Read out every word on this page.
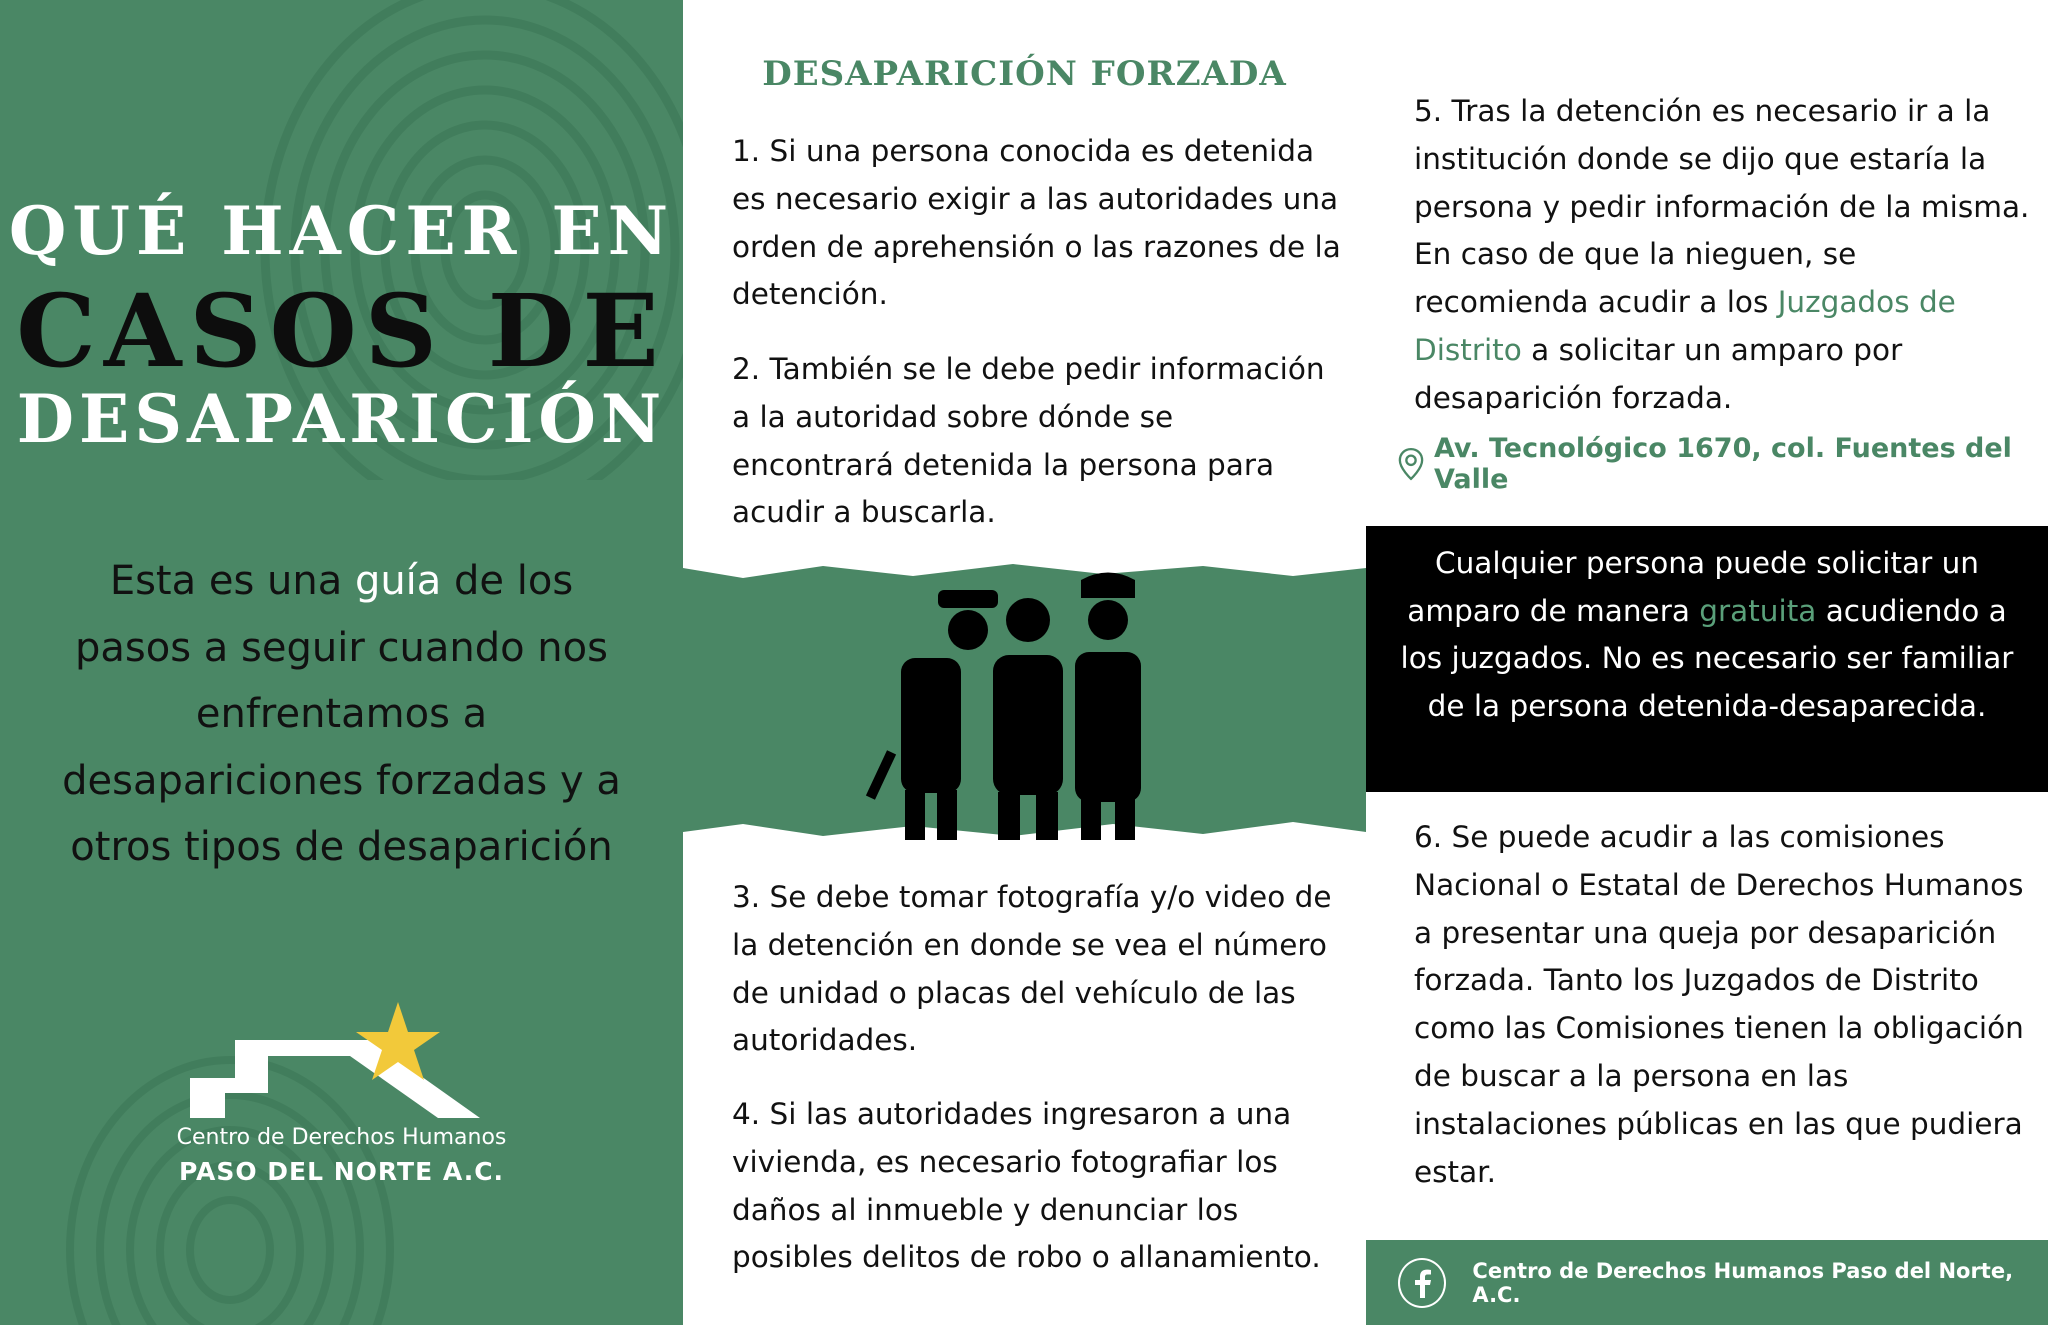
QUÉ HACER EN
CASOS DE
DESAPARICIÓN
Esta es una guía de los pasos a seguir cuando nos enfrentamos a desapariciones forzadas y a otros tipos de desaparición
Centro de Derechos Humanos
PASO DEL NORTE A.C.
DESAPARICIÓN FORZADA
1. Si una persona conocida es detenida es necesario exigir a las autoridades una orden de aprehensión o las razones de la detención.
2. También se le debe pedir información a la autoridad sobre dónde se encontrará detenida la persona para acudir a buscarla.
3. Se debe tomar fotografía y/o video de la detención en donde se vea el número de unidad o placas del vehículo de las autoridades.
4. Si las autoridades ingresaron a una vivienda, es necesario fotografiar los daños al inmueble y denunciar los posibles delitos de robo o allanamiento.
5. Tras la detención es necesario ir a la institución donde se dijo que estaría la persona y pedir información de la misma. En caso de que la nieguen, se recomienda acudir a los Juzgados de Distrito a solicitar un amparo por desaparición forzada.
Av. Tecnológico 1670, col. Fuentes del Valle
Cualquier persona puede solicitar un amparo de manera gratuita acudiendo a los juzgados. No es necesario ser familiar de la persona detenida-desaparecida.
6. Se puede acudir a las comisiones Nacional o Estatal de Derechos Humanos a presentar una queja por desaparición forzada. Tanto los Juzgados de Distrito como las Comisiones tienen la obligación de buscar a la persona en las instalaciones públicas en las que pudiera estar.
Centro de Derechos Humanos Paso del Norte, A.C.
